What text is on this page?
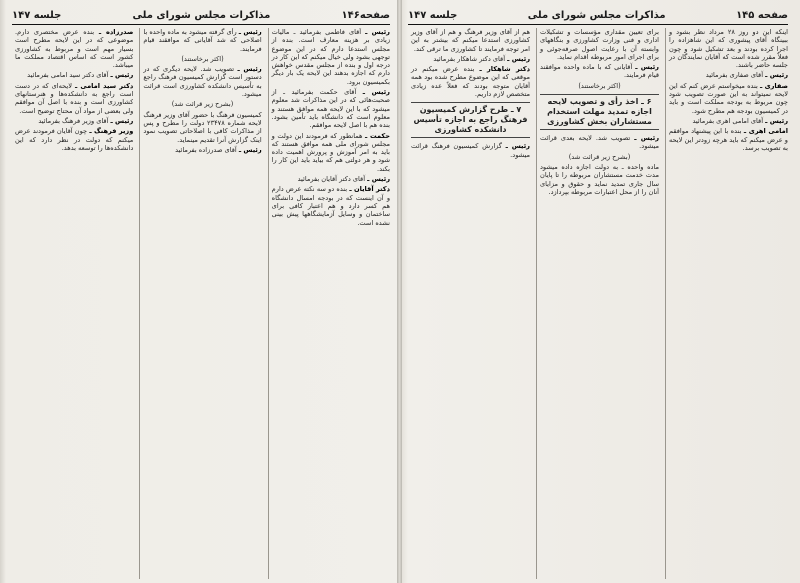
صفحه۱۴۶
مذاکرات مجلس شورای ملی
جلسه ۱۴۷

رئیس ـ آقای فاطمی بفرمائید ـ مالیات زیادی بر هزینه معارف است. بنده از مجلس استدعا دارم که در این موضوع توجهی بشود ولی خیال میکنم که این کار در درجه اول و بنده از مجلس مقدس خواهش دارم که اجازه بدهند این لایحه یک بار دیگر بکمیسیون برود.

رئیس ـ آقای حکمت بفرمائید ـ از صحبت‌هائی که در این مذاکرات شد معلوم میشود که با این لایحه همه موافق هستند و معلوم است که دانشگاه باید تأمین بشود. بنده هم با اصل لایحه موافقم.

حکمت ـ همانطور که فرمودند این دولت و مجلس شورای ملی همه موافق هستند که باید به امر آموزش و پرورش اهمیت داده شود و هر دولتی هم که بیاید باید این کار را بکند.

رئیس ـ آقای دکتر آقایان بفرمائید

دکتر آقایان ـ بنده دو سه نکته عرض دارم و آن اینست که در بودجه امسال دانشگاه هم کسر دارد و هم اعتبار کافی برای ساختمان و وسایل آزمایشگاهها پیش بینی نشده است.

رئیس ـ رأی گرفته میشود به ماده واحده با اصلاحی که شد آقایانی که موافقند قیام فرمایند.

(اکثر برخاستند)

رئیس ـ تصویب شد. لایحه دیگری که در دستور است گزارش کمیسیون فرهنگ راجع به تأسیس دانشکده کشاورزی است قرائت میشود.

(بشرح زیر قرائت شد)

کمیسیون فرهنگ با حضور آقای وزیر فرهنگ لایحه شماره ۲۳۴۷۸ دولت را مطرح و پس از مذاکرات کافی با اصلاحاتی تصویب نمود اینک گزارش آنرا تقدیم مینماید.

رئیس ـ آقای صدرزاده بفرمائید

صدرزاده ـ بنده عرض مختصری دارم. موضوعی که در این لایحه مطرح است بسیار مهم است و مربوط به کشاورزی کشور است که اساس اقتصاد مملکت ما میباشد.

رئیس ـ آقای دکتر سید امامی بفرمائید

دکتر سید امامی ـ لایحه‌ای که در دست است راجع به دانشکده‌ها و هنرستانهای کشاورزی است و بنده با اصل آن موافقم ولی بعضی از مواد آن محتاج توضیح است.

رئیس ـ آقای وزیر فرهنگ بفرمائید

وزیر فرهنگ ـ چون آقایان فرمودند عرض میکنم که دولت در نظر دارد که این دانشکده‌ها را توسعه بدهد.

صفحه ۱۴۵
مذاکرات مجلس شورای ملی
جلسه ۱۴۷

اینکه این دو روز ۲۸ مرداد نظر بشود و ببینگاه آقای پیشوری که این شاهزاده را اجرا کرده بودند و بعد تشکیل شود و چون فعلاً مقرر شده است که آقایان نمایندگان در جلسه حاضر باشند.

رئیس ـ آقای صفاری بفرمائید

صفاری ـ بنده میخواستم عرض کنم که این لایحه نمیتواند به این صورت تصویب شود چون مربوط به بودجه مملکت است و باید در کمیسیون بودجه هم مطرح شود.

رئیس ـ آقای امامی اهری بفرمائید

امامی اهری ـ بنده با این پیشنهاد موافقم و عرض میکنم که باید هرچه زودتر این لایحه به تصویب برسد.

برای تعیین مقداری مؤسسات و تشکیلات اداری و فنی وزارت کشاورزی و بنگاههای وابسته آن با رعایت اصول صرفه‌جوئی و برای اجرای امور مربوطه اقدام نماید.

رئیس ـ آقایانی که با ماده واحده موافقند قیام فرمایند.

(اکثر برخاستند)

۶ ـ اخذ رأی و تصویب لایحه اجازه تمدید مهلت استخدام مستشاران بخش کشاورزی

رئیس ـ تصویب شد. لایحه بعدی قرائت میشود.

(بشرح زیر قرائت شد)

ماده واحده ـ به دولت اجازه داده میشود مدت خدمت مستشاران مربوطه را تا پایان سال جاری تمدید نماید و حقوق و مزایای آنان را از محل اعتبارات مربوطه بپردازد.

هم از آقای وزیر فرهنگ و هم از آقای وزیر کشاورزی استدعا میکنم که بیشتر به این امر توجه فرمایند تا کشاورزی ما ترقی کند.

رئیس ـ آقای دکتر شاهکار بفرمائید

دکتر شاهکار ـ بنده عرض میکنم در موقعی که این موضوع مطرح شده بود همه آقایان متوجه بودند که فعلاً عده زیادی متخصص لازم داریم.

۷ ـ طرح گزارش کمیسیون فرهنگ راجع به اجازه تأسیس دانشکده کشاورزی

رئیس ـ گزارش کمیسیون فرهنگ قرائت میشود.
